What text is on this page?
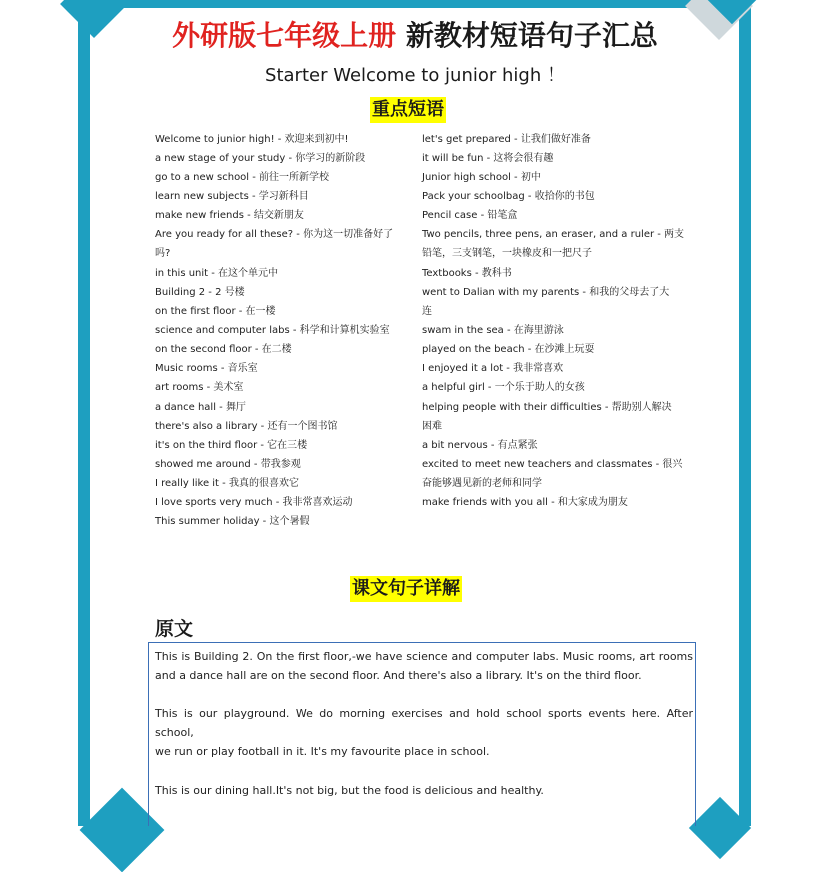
外研版七年级上册 新教材短语句子汇总
Starter Welcome to junior high ！
重点短语
Welcome to junior high! - 欢迎来到初中!
a new stage of your study - 你学习的新阶段
go to a new school - 前往一所新学校
learn new subjects - 学习新科目
make new friends - 结交新朋友
Are you ready for all these? - 你为这一切准备好了
吗?
in this unit - 在这个单元中
Building 2 - 2 号楼
on the first floor - 在一楼
science and computer labs - 科学和计算机实验室
on the second floor - 在二楼
Music rooms - 音乐室
art rooms - 美术室
a dance hall - 舞厅
there's also a library - 还有一个图书馆
it's on the third floor - 它在三楼
showed me around - 带我参观
I really like it - 我真的很喜欢它
I love sports very much - 我非常喜欢运动
This summer holiday - 这个暑假
let's get prepared - 让我们做好准备
it will be fun - 这将会很有趣
Junior high school - 初中
Pack your schoolbag - 收拾你的书包
Pencil case - 铅笔盒
Two pencils, three pens, an eraser, and a ruler - 两支
铅笔，三支钢笔，一块橡皮和一把尺子
Textbooks - 教科书
went to Dalian with my parents - 和我的父母去了大
连
swam in the sea - 在海里游泳
played on the beach - 在沙滩上玩耍
I enjoyed it a lot - 我非常喜欢
a helpful girl - 一个乐于助人的女孩
helping people with their difficulties - 帮助别人解决
困难
a bit nervous - 有点紧张
excited to meet new teachers and classmates - 很兴
奋能够遇见新的老师和同学
make friends with you all - 和大家成为朋友
课文句子详解
原文
This is Building 2. On the first floor,-we have science and computer labs. Music rooms, art rooms
and a dance hall are on the second floor. And there's also a library. It's on the third floor.
This is our playground. We do morning exercises and hold school sports events here. After
school,
we run or play football in it. It's my favourite place in school.
This is our dining hall.It's not big, but the food is delicious and healthy.
